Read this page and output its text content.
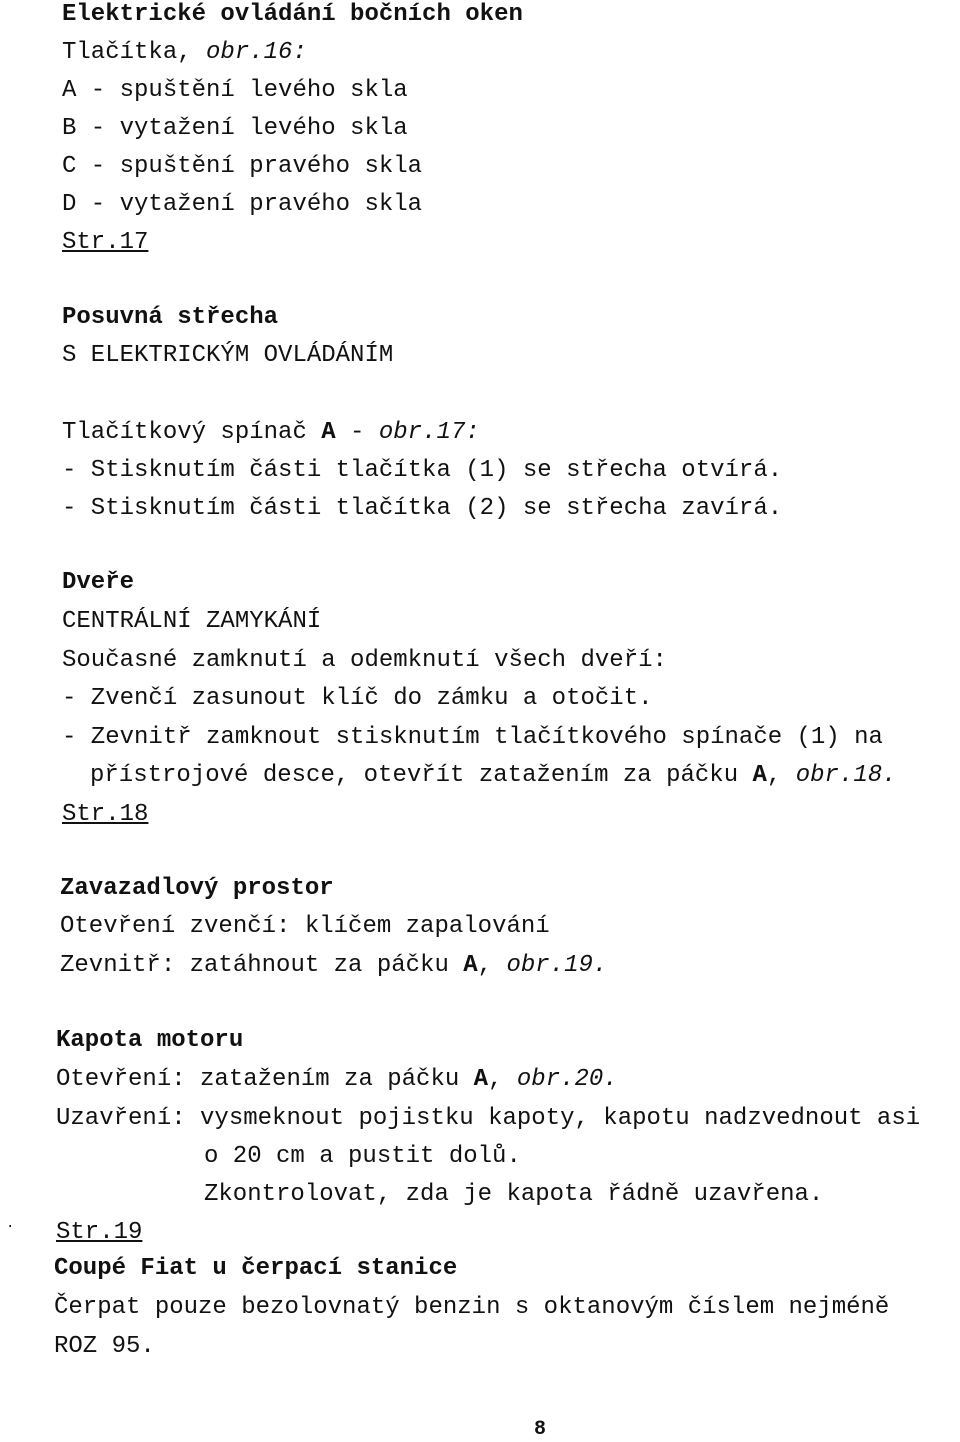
Elektrické ovládání bočních oken
Tlačítka, obr.16:
A - spuštění levého skla
B - vytažení levého skla
C - spuštění pravého skla
D - vytažení pravého skla
Str.17
Posuvná střecha
S ELEKTRICKÝM OVLÁDÁNÍM
Tlačítkový spínač A - obr.17:
- Stisknutím části tlačítka (1) se střecha otvírá.
- Stisknutím části tlačítka (2) se střecha zavírá.
Dveře
CENTRÁLNÍ ZAMYKÁNÍ
Současné zamknutí a odemknutí všech dveří:
- Zvenčí zasunout klíč do zámku a otočit.
- Zevnitř zamknout stisknutím tlačítkového spínače (1) na
přístrojové desce, otevřít zatažením za páčku A, obr.18.
Str.18
Zavazadlový prostor
Otevření zvenčí: klíčem zapalování
Zevnitř: zatáhnout za páčku A, obr.19.
Kapota motoru
Otevření: zatažením za páčku A, obr.20.
Uzavření: vysmeknout pojistku kapoty, kapotu nadzvednout asi
o 20 cm a pustit dolů.
Zkontrolovat, zda je kapota řádně uzavřena.
. Str.19
Coupé Fiat u čerpací stanice
Čerpat pouze bezolovnatý benzin s oktanovým číslem nejméně
ROZ 95.
8
